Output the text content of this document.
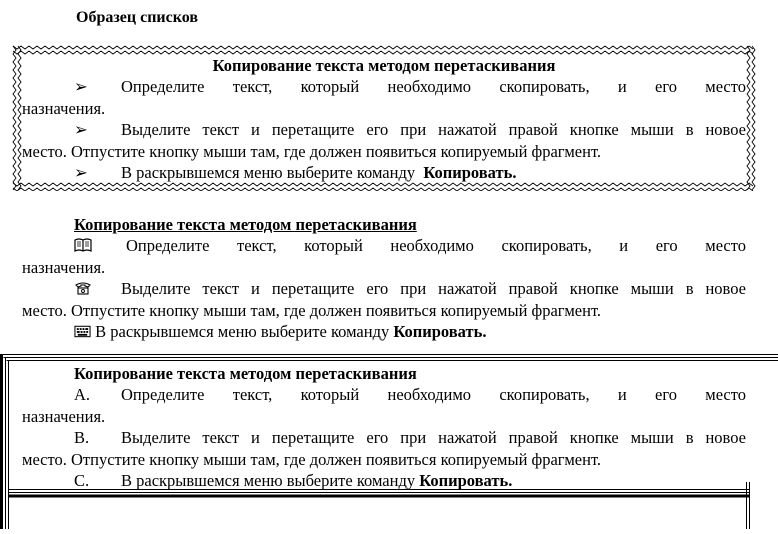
Образец списков
Копирование текста методом перетаскивания
➢ Определите текст, который необходимо скопировать, и его место
назначения.
➢ Выделите текст и перетащите его при нажатой правой кнопке мыши в новое
место. Отпустите кнопку мыши там, где должен появиться копируемый фрагмент.
➢ В раскрывшемся меню выберите команду Копировать.
Копирование текста методом перетаскивания
Определите текст, который необходимо скопировать, и его место
назначения.
Выделите текст и перетащите его при нажатой правой кнопке мыши в новое
место. Отпустите кнопку мыши там, где должен появиться копируемый фрагмент.
В раскрывшемся меню выберите команду Копировать.
Копирование текста методом перетаскивания
A. Определите текст, который необходимо скопировать, и его место
назначения.
B. Выделите текст и перетащите его при нажатой правой кнопке мыши в новое
место. Отпустите кнопку мыши там, где должен появиться копируемый фрагмент.
C. В раскрывшемся меню выберите команду Копировать.
